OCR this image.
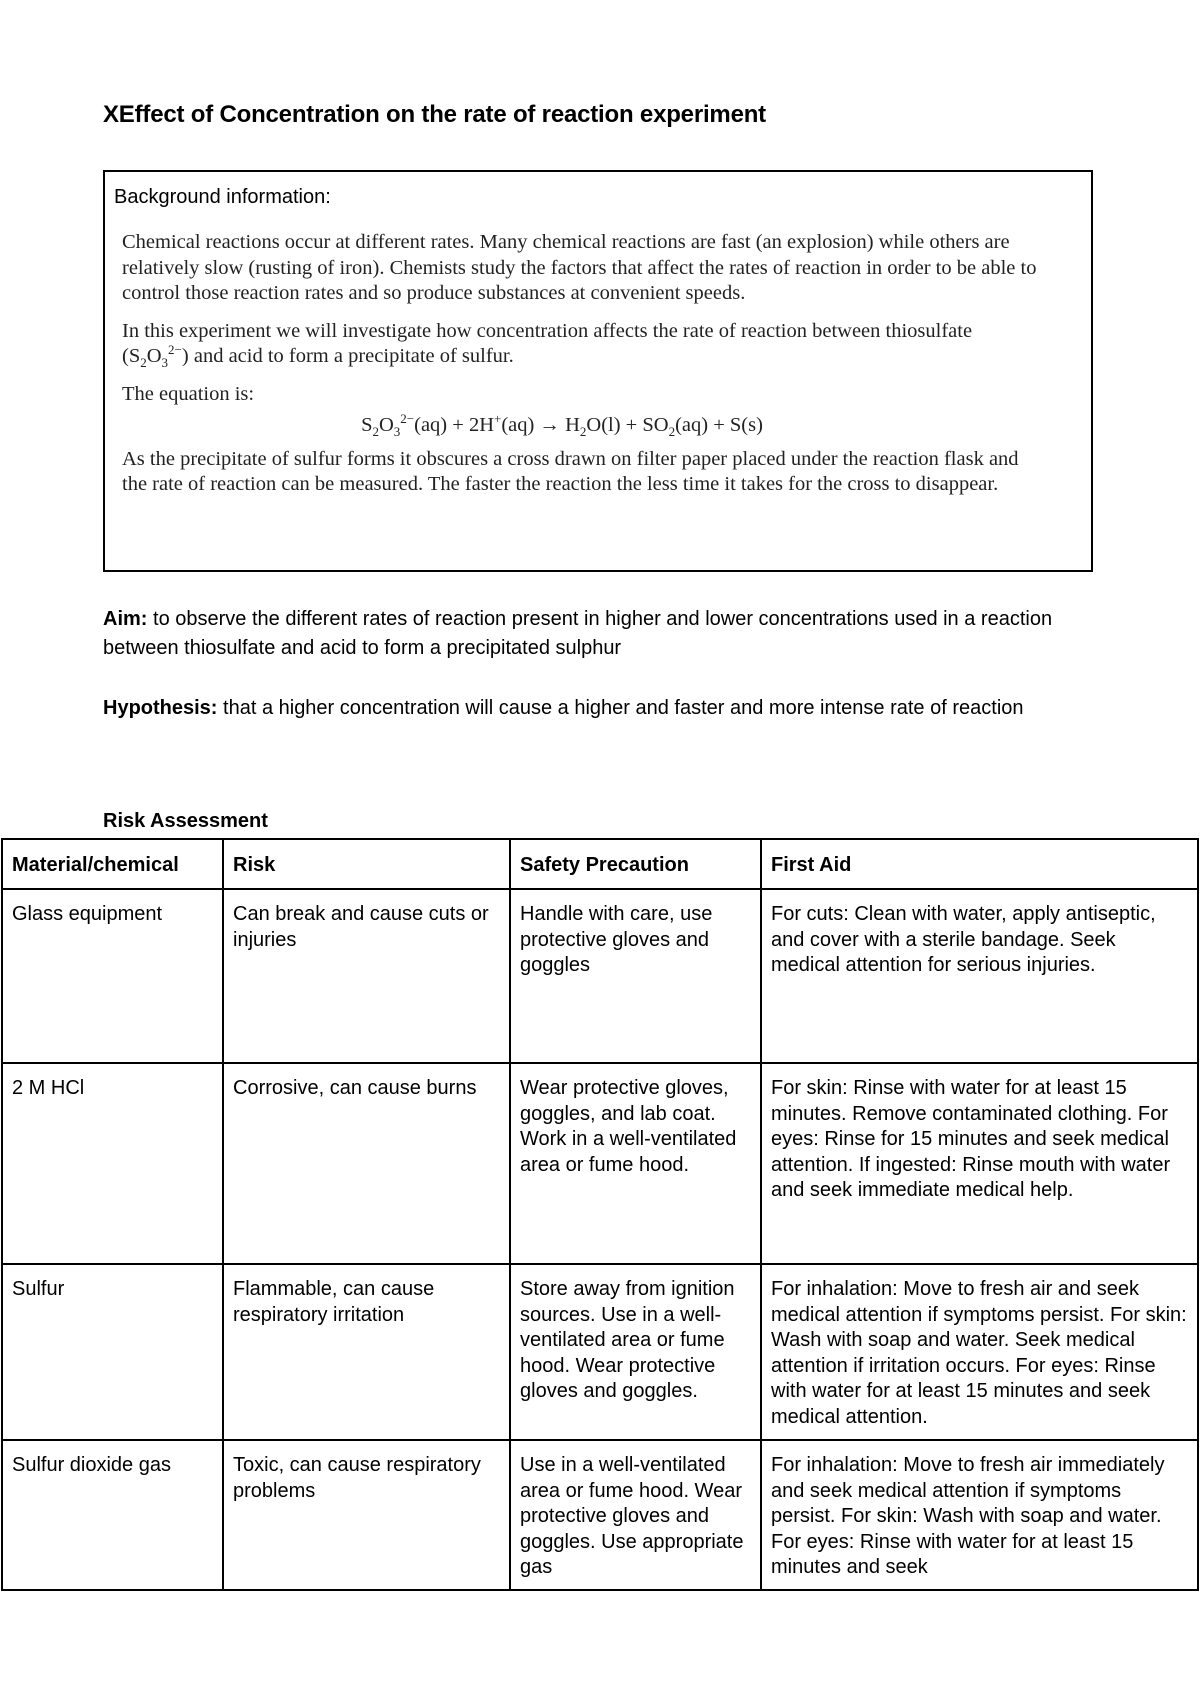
XEffect of Concentration on the rate of reaction experiment
Background information:

Chemical reactions occur at different rates. Many chemical reactions are fast (an explosion) while others are relatively slow (rusting of iron). Chemists study the factors that affect the rates of reaction in order to be able to control those reaction rates and so produce substances at convenient speeds.

In this experiment we will investigate how concentration affects the rate of reaction between thiosulfate $(S_2O_3^{2-})$ and acid to form a precipitate of sulfur.

The equation is:

$S_2O_3^{2-}(aq) + 2H^+(aq) \to H_2O(l) + SO_2(aq) + S(s)$

As the precipitate of sulfur forms it obscures a cross drawn on filter paper placed under the reaction flask and the rate of reaction can be measured. The faster the reaction the less time it takes for the cross to disappear.

Aim: to observe the different rates of reaction present in higher and lower concentrations used in a reaction between thiosulfate and acid to form a precipitated sulphur

Hypothesis: that a higher concentration will cause a higher and faster and more intense rate of reaction

Risk Assessment
Material/chemical	Risk	Safety Precaution	First Aid
Glass equipment	Can break and cause cuts or injuries	Handle with care, use protective gloves and goggles	For cuts: Clean with water, apply antiseptic, and cover with a sterile bandage. Seek medical attention for serious injuries.
2 M HCl	Corrosive, can cause burns	Wear protective gloves, goggles, and lab coat. Work in a well-ventilated area or fume hood.	For skin: Rinse with water for at least 15 minutes. Remove contaminated clothing. For eyes: Rinse for 15 minutes and seek medical attention. If ingested: Rinse mouth with water and seek immediate medical help.
Sulfur	Flammable, can cause respiratory irritation	Store away from ignition sources. Use in a well-ventilated area or fume hood. Wear protective gloves and goggles.	For inhalation: Move to fresh air and seek medical attention if symptoms persist. For skin: Wash with soap and water. Seek medical attention if irritation occurs. For eyes: Rinse with water for at least 15 minutes and seek medical attention.
Sulfur dioxide gas	Toxic, can cause respiratory problems	Use in a well-ventilated area or fume hood. Wear protective gloves and goggles. Use appropriate gas	For inhalation: Move to fresh air immediately and seek medical attention if symptoms persist. For skin: Wash with soap and water. For eyes: Rinse with water for at least 15 minutes and seek
